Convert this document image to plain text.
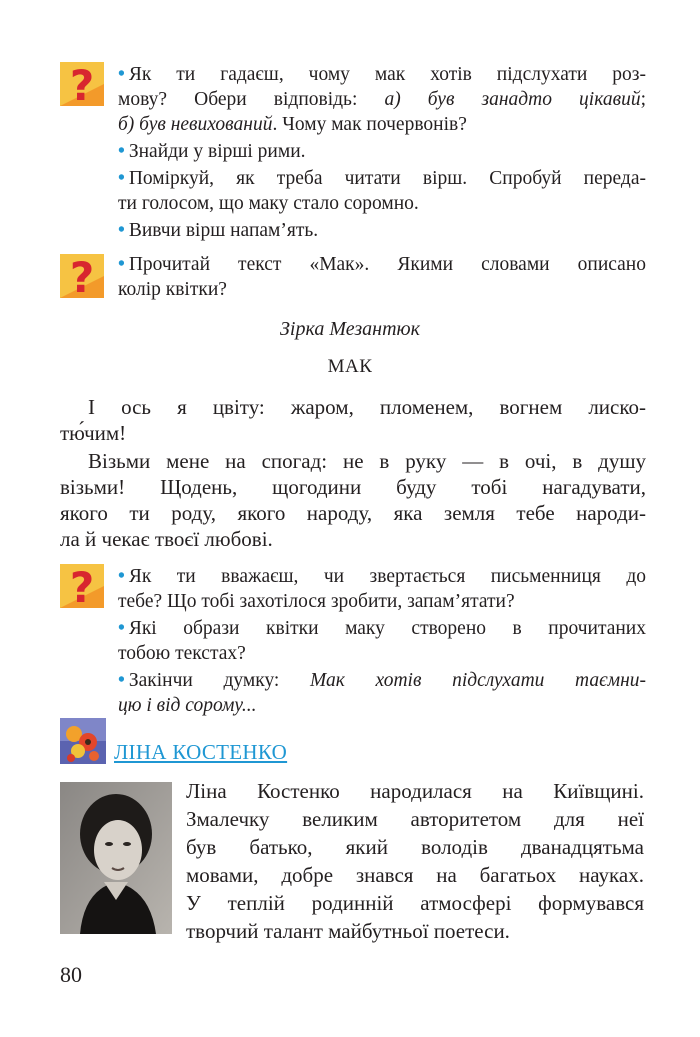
? • Як ти гадаєш, чому мак хотів підслухати роз-
мову? Обери відповідь: а) був занадто цікавий;
б) був невихований. Чому мак почервонів?
• Знайди у вірші рими.
• Поміркуй, як треба читати вірш. Спробуй переда-
ти голосом, що маку стало соромно.
• Вивчи вірш напам’ять.
? • Прочитай текст «Мак». Якими словами описано
колір квітки?
Зірка Мезантюк
МАК
І ось я цвіту: жаром, пломенем, вогнем лиско-
тю́чим!
Візьми мене на спогад: не в руку — в очі, в душу
візьми! Щодень, щогодини буду тобі нагадувати,
якого ти роду, якого народу, яка земля тебе народи-
ла й чекає твоєї любові.
? • Як ти вважаєш, чи звертається письменниця до
тебе? Що тобі захотілося зробити, запам’ятати?
• Які образи квітки маку створено в прочитаних
тобою текстах?
• Закінчи думку: Мак хотів підслухати таємни-
цю і від сорому...
ЛІНА КОСТЕНКО
Ліна Костенко народилася на Київщині.
Змалечку великим авторитетом для неї
був батько, який володів дванадцятьма
мовами, добре знався на багатьох науках.
У теплій родинній атмосфері формувався
творчий талант майбутньої поетеси.
80
